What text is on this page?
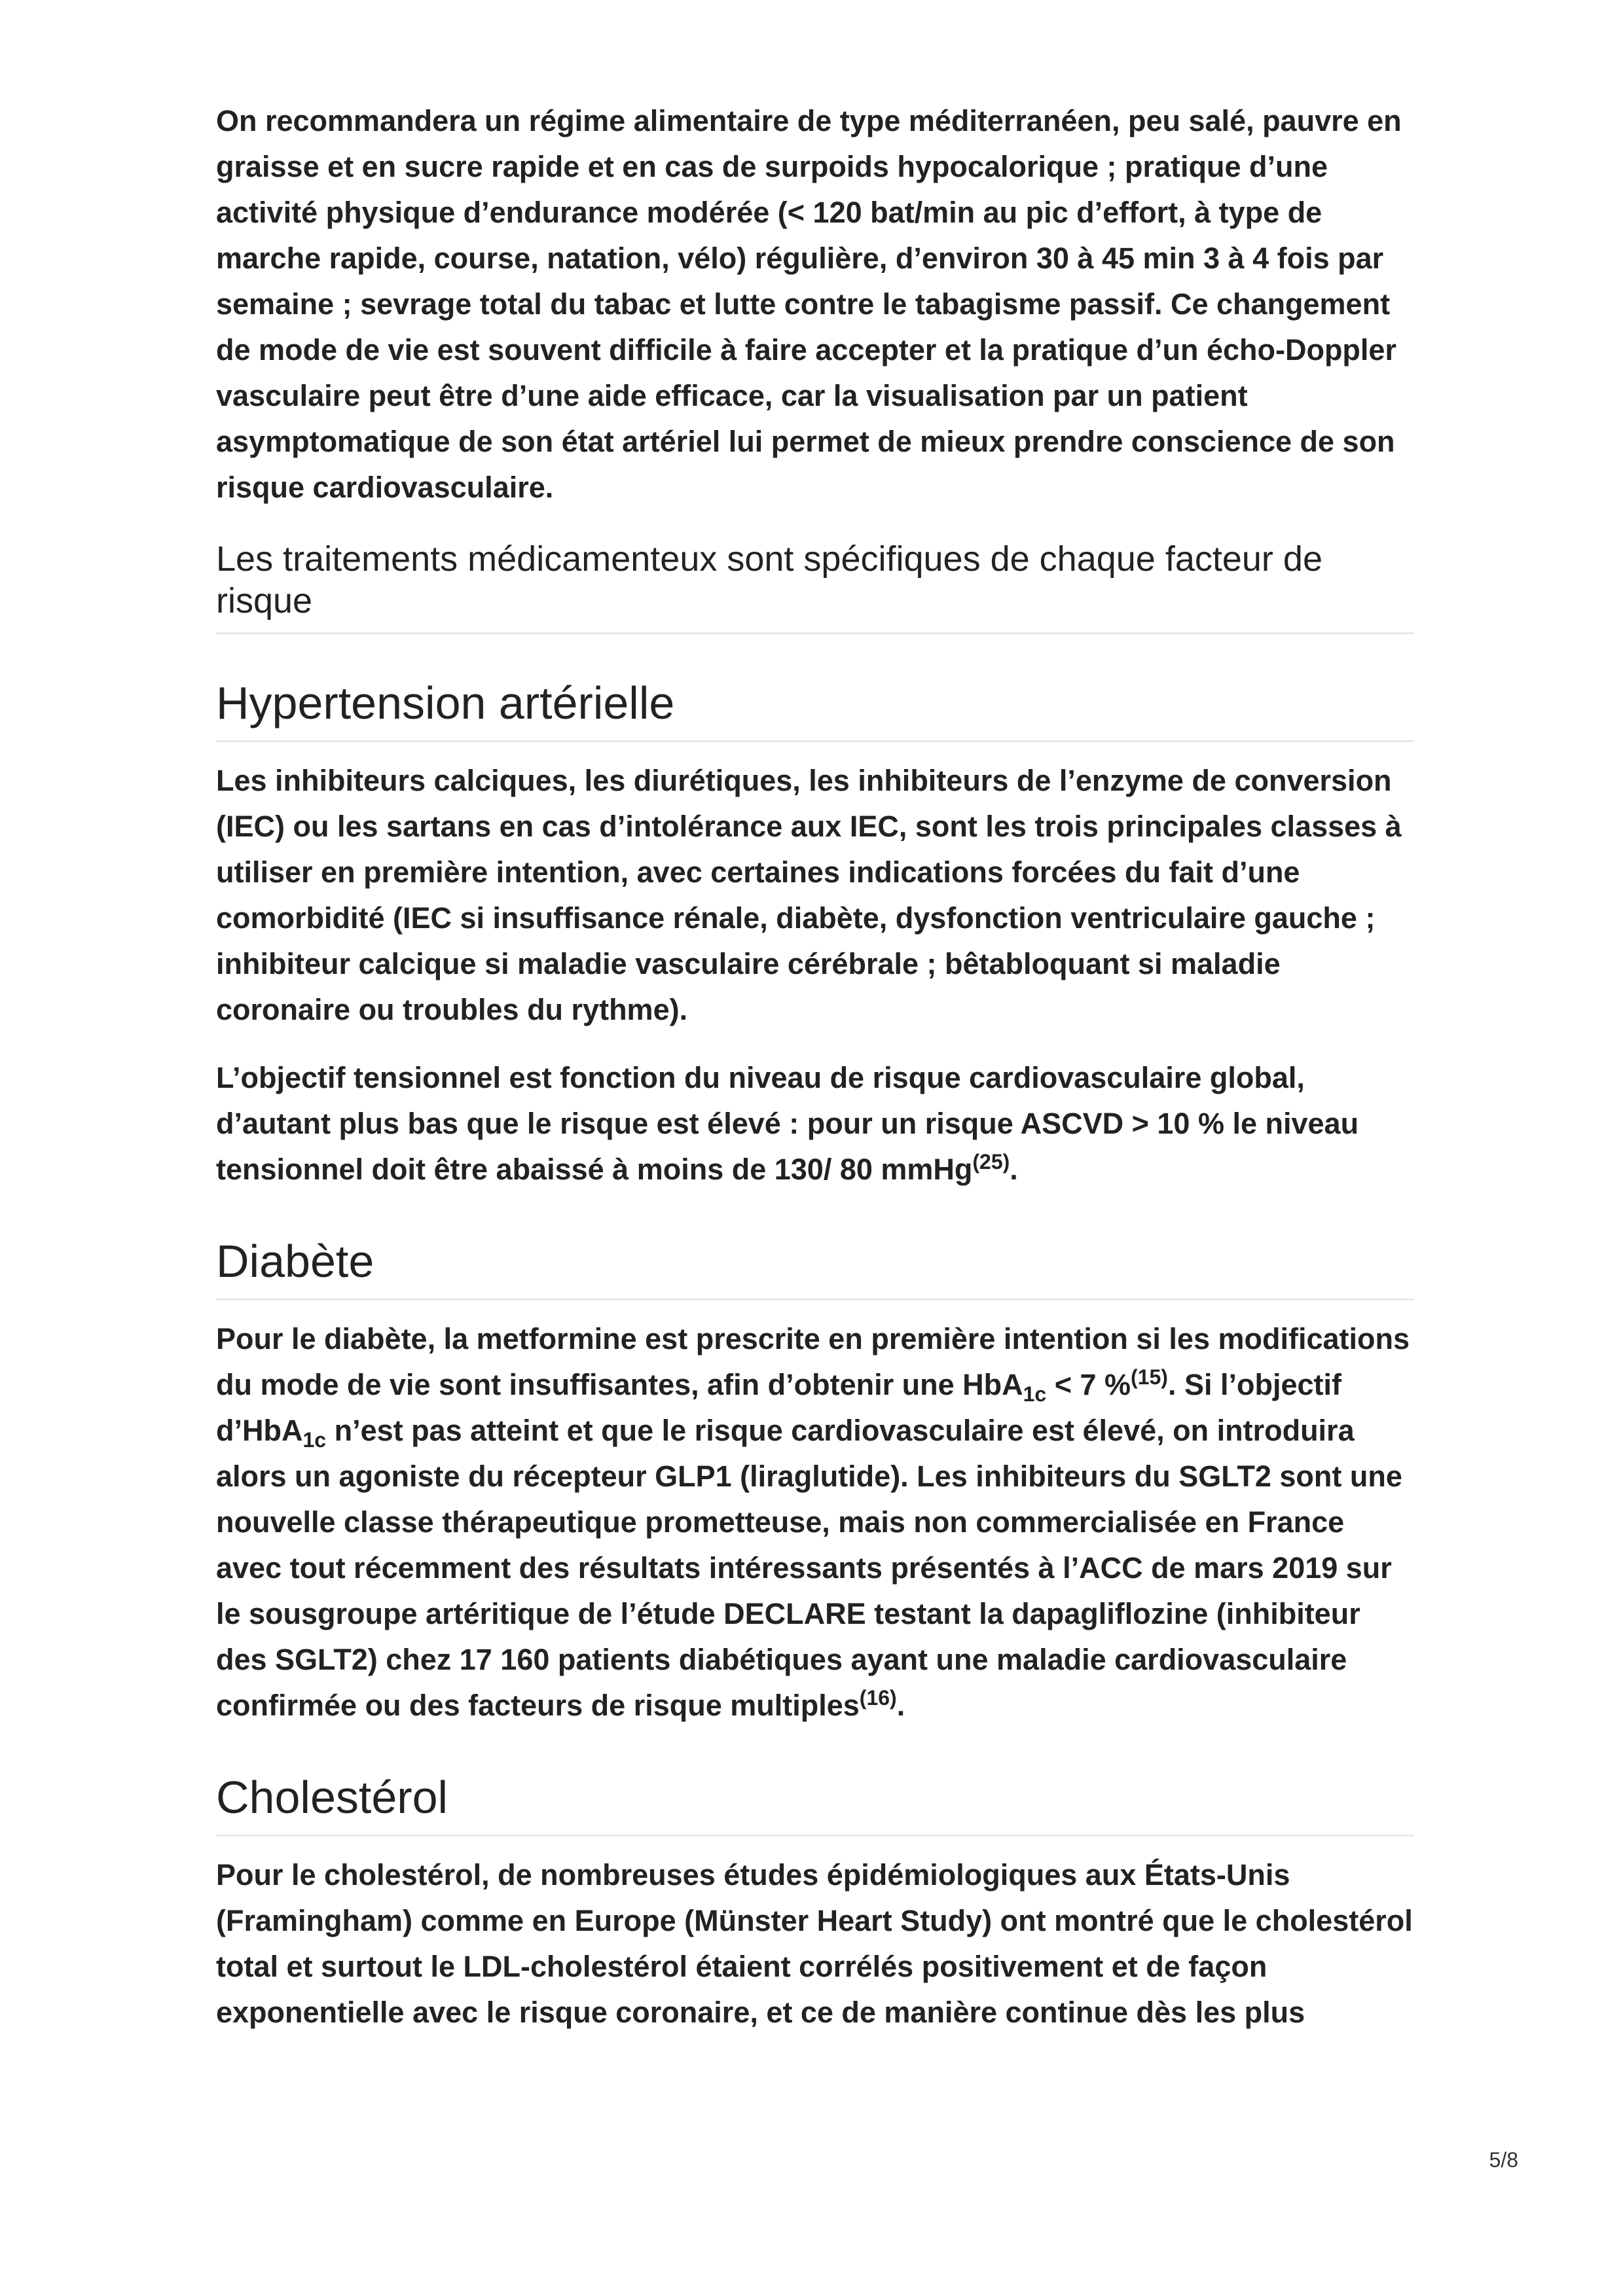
On recommandera un régime alimentaire de type méditerranéen, peu salé, pauvre en graisse et en sucre rapide et en cas de surpoids hypocalorique ; pratique d’une activité physique d’endurance modérée (< 120 bat/min au pic d’effort, à type de marche rapide, course, natation, vélo) régulière, d’environ 30 à 45 min 3 à 4 fois par semaine ; sevrage total du tabac et lutte contre le tabagisme passif. Ce changement de mode de vie est souvent difficile à faire accepter et la pratique d’un écho-Doppler vasculaire peut être d’une aide efficace, car la visualisation par un patient asymptomatique de son état artériel lui permet de mieux prendre conscience de son risque cardiovasculaire.

Les traitements médicamenteux sont spécifiques de chaque facteur de risque
Hypertension artérielle

Les inhibiteurs calciques, les diurétiques, les inhibiteurs de l’enzyme de conversion (IEC) ou les sartans en cas d’intolérance aux IEC, sont les trois principales classes à utiliser en première intention, avec certaines indications forcées du fait d’une comorbidité (IEC si insuffisance rénale, diabète, dysfonction ventriculaire gauche ; inhibiteur calcique si maladie vasculaire cérébrale ; bêtabloquant si maladie coronaire ou troubles du rythme).

L’objectif tensionnel est fonction du niveau de risque cardiovasculaire global, d’autant plus bas que le risque est élevé : pour un risque ASCVD > 10 % le niveau tensionnel doit être abaissé à moins de 130/ 80 mmHg$^{(25)}$.

Diabète

Pour le diabète, la metformine est prescrite en première intention si les modifications du mode de vie sont insuffisantes, afin d’obtenir une HbA$_{1c}$ < 7 %$^{(15)}$. Si l’objectif d’HbA$_{1c}$ n’est pas atteint et que le risque cardiovasculaire est élevé, on introduira alors un agoniste du récepteur GLP1 (liraglutide). Les inhibiteurs du SGLT2 sont une nouvelle classe thérapeutique prometteuse, mais non commercialisée en France avec tout récemment des résultats intéressants présentés à l’ACC de mars 2019 sur le sousgroupe artéritique de l’étude DECLARE testant la dapagliflozine (inhibiteur des SGLT2) chez 17 160 patients diabétiques ayant une maladie cardiovasculaire confirmée ou des facteurs de risque multiples$^{(16)}$.

Cholestérol

Pour le cholestérol, de nombreuses études épidémiologiques aux États-Unis (Framingham) comme en Europe (Münster Heart Study) ont montré que le cholestérol total et surtout le LDL-cholestérol étaient corrélés positivement et de façon exponentielle avec le risque coronaire, et ce de manière continue dès les plus

5/8
